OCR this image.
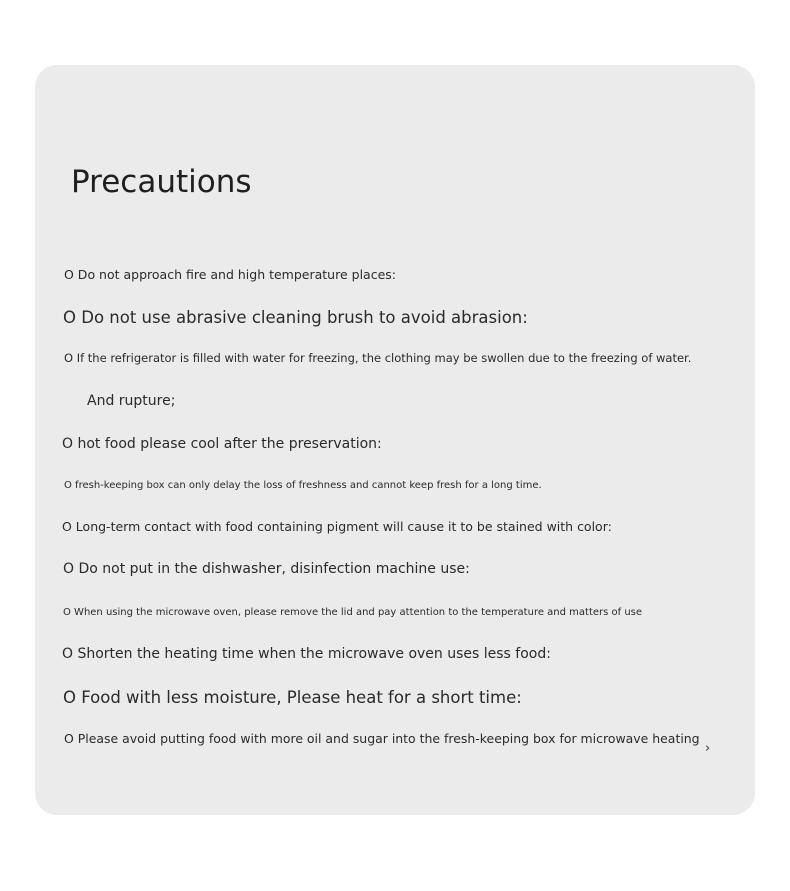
Precautions
O Do not approach fire and high temperature places:
O Do not use abrasive cleaning brush to avoid abrasion:
O If the refrigerator is filled with water for freezing, the clothing may be swollen due to the freezing of water.
And rupture;
O hot food please cool after the preservation:
O fresh-keeping box can only delay the loss of freshness and cannot keep fresh for a long time.
O Long-term contact with food containing pigment will cause it to be stained with color:
O Do not put in the dishwasher, disinfection machine use:
O When using the microwave oven, please remove the lid and pay attention to the temperature and matters of use
O Shorten the heating time when the microwave oven uses less food:
O Food with less moisture, Please heat for a short time:
O Please avoid putting food with more oil and sugar into the fresh-keeping box for microwave heating
›
